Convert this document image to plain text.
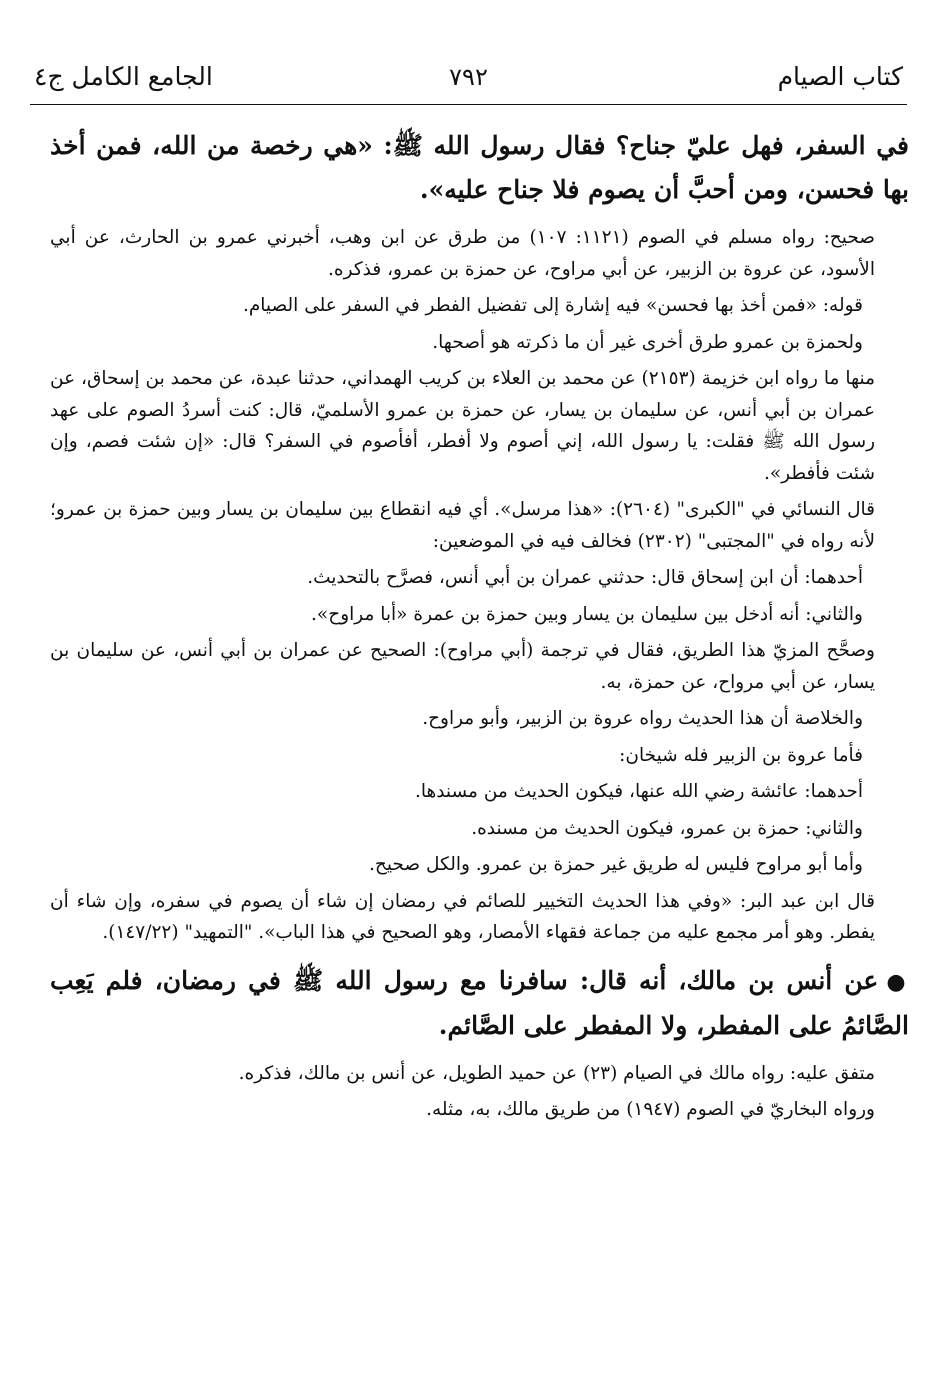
كتاب الصيام
٧٩٢
الجامع الكامل ج٤

في السفر، فهل عليّ جناح؟ فقال رسول الله ﷺ: «هي رخصة من الله، فمن أخذ بها فحسن، ومن أحبَّ أن يصوم فلا جناح عليه».

صحيح: رواه مسلم في الصوم (١١٢١: ١٠٧) من طرق عن ابن وهب، أخبرني عمرو بن الحارث، عن أبي الأسود، عن عروة بن الزبير، عن أبي مراوح، عن حمزة بن عمرو، فذكره.

قوله: «فمن أخذ بها فحسن» فيه إشارة إلى تفضيل الفطر في السفر على الصيام.

ولحمزة بن عمرو طرق أخرى غير أن ما ذكرته هو أصحها.

منها ما رواه ابن خزيمة (٢١٥٣) عن محمد بن العلاء بن كريب الهمداني، حدثنا عبدة، عن محمد بن إسحاق، عن عمران بن أبي أنس، عن سليمان بن يسار، عن حمزة بن عمرو الأسلميّ، قال: كنت أسردُ الصوم على عهد رسول الله ﷺ فقلت: يا رسول الله، إني أصوم ولا أفطر، أفأصوم في السفر؟ قال: «إن شئت فصم، وإن شئت فأفطر».

قال النسائي في "الكبرى" (٢٦٠٤): «هذا مرسل». أي فيه انقطاع بين سليمان بن يسار وبين حمزة بن عمرو؛ لأنه رواه في "المجتبى" (٢٣٠٢) فخالف فيه في الموضعين:

أحدهما: أن ابن إسحاق قال: حدثني عمران بن أبي أنس، فصرَّح بالتحديث.

والثاني: أنه أدخل بين سليمان بن يسار وبين حمزة بن عمرة «أبا مراوح».

وصحَّح المزيّ هذا الطريق، فقال في ترجمة (أبي مراوح): الصحيح عن عمران بن أبي أنس، عن سليمان بن يسار، عن أبي مرواح، عن حمزة، به.

والخلاصة أن هذا الحديث رواه عروة بن الزبير، وأبو مراوح.

فأما عروة بن الزبير فله شيخان:

أحدهما: عائشة رضي الله عنها، فيكون الحديث من مسندها.

والثاني: حمزة بن عمرو، فيكون الحديث من مسنده.

وأما أبو مراوح فليس له طريق غير حمزة بن عمرو. والكل صحيح.

قال ابن عبد البر: «وفي هذا الحديث التخيير للصائم في رمضان إن شاء أن يصوم في سفره، وإن شاء أن يفطر. وهو أمر مجمع عليه من جماعة فقهاء الأمصار، وهو الصحيح في هذا الباب». "التمهيد" (١٤٧/٢٢).

●عن أنس بن مالك، أنه قال: سافرنا مع رسول الله ﷺ في رمضان، فلم يَعِب الصَّائمُ على المفطر، ولا المفطر على الصَّائم.

متفق عليه: رواه مالك في الصيام (٢٣) عن حميد الطويل، عن أنس بن مالك، فذكره.

ورواه البخاريّ في الصوم (١٩٤٧) من طريق مالك، به، مثله.
